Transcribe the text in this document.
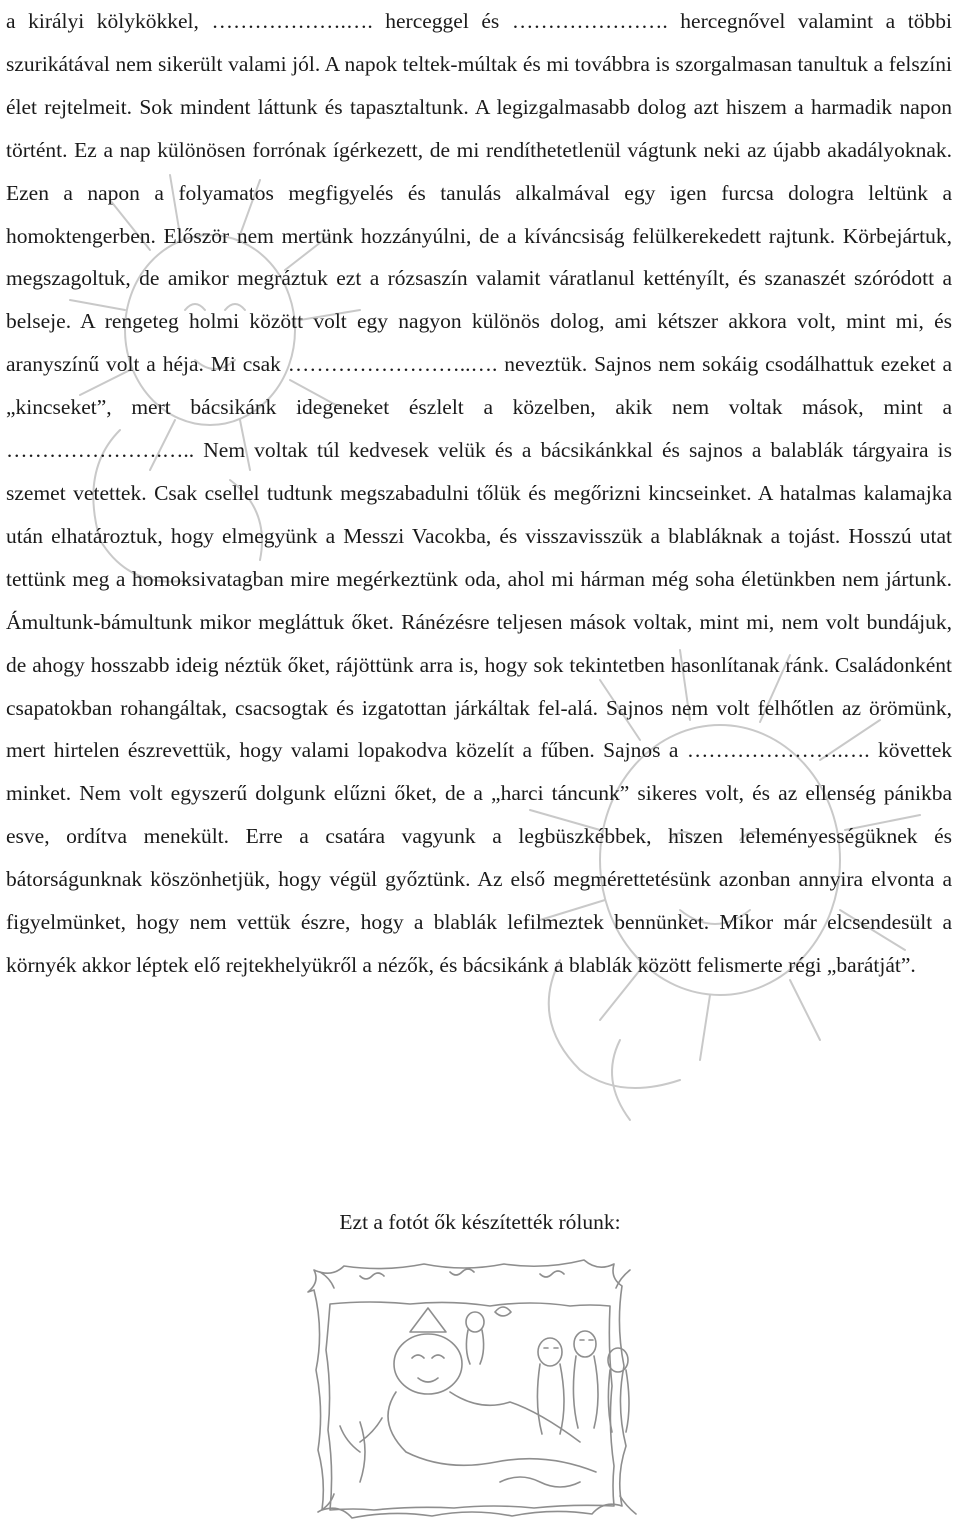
a királyi kölykökkel, ……………….…. herceggel és …………………. hercegnővel valamint a többi szurikátával nem sikerült valami jól. A napok teltek-múltak és mi továbbra is szorgalmasan tanultuk a felszíni élet rejtelmeit. Sok mindent láttunk és tapasztaltunk. A legizgalmasabb dolog azt hiszem a harmadik napon történt. Ez a nap különösen forrónak ígérkezett, de mi rendíthetetlenül vágtunk neki az újabb akadályoknak. Ezen a napon a folyamatos megfigyelés és tanulás alkalmával egy igen furcsa dologra leltünk a homoktengerben. Először nem mertünk hozzányúlni, de a kíváncsiság felülkerekedett rajtunk. Körbejártuk, megszagoltuk, de amikor megráztuk ezt a rózsaszín valamit váratlanul kettényílt, és szanaszét szóródott a belseje. A rengeteg holmi között volt egy nagyon különös dolog, ami kétszer akkora volt, mint mi, és aranyszínű volt a héja. Mi csak ……………………..…. neveztük. Sajnos nem sokáig csodálhattuk ezeket a „kincseket”, mert bácsikánk idegeneket észlelt a közelben, akik nem voltak mások, mint a ………………….….. Nem voltak túl kedvesek velük és a bácsikánkkal és sajnos a balablák tárgyaira is szemet vetettek. Csak csellel tudtunk megszabadulni tőlük és megőrizni kincseinket. A hatalmas kalamajka után elhatároztuk, hogy elmegyünk a Messzi Vacokba, és visszavisszük a blabláknak a tojást. Hosszú utat tettünk meg a homoksivatagban mire megérkeztünk oda, ahol mi hárman még soha életünkben nem jártunk. Ámultunk-bámultunk mikor megláttuk őket. Ránézésre teljesen mások voltak, mint mi, nem volt bundájuk, de ahogy hosszabb ideig néztük őket, rájöttünk arra is, hogy sok tekintetben hasonlítanak ránk. Családonként csapatokban rohangáltak, csacsogtak és izgatottan járkáltak fel-alá. Sajnos nem volt felhőtlen az örömünk, mert hirtelen észrevettük, hogy valami lopakodva közelít a fűben. Sajnos a ………………….…. követtek minket. Nem volt egyszerű dolgunk elűzni őket, de a „harci táncunk” sikeres volt, és az ellenség pánikba esve, ordítva menekült. Erre a csatára vagyunk a legbüszkébbek, hiszen leleményességüknek és bátorságunknak köszönhetjük, hogy végül győztünk. Az első megmérettetésünk azonban annyira elvonta a figyelmünket, hogy nem vettük észre, hogy a blablák lefilmeztek bennünket. Mikor már elcsendesült a környék akkor léptek elő rejtekhelyükről a nézők, és bácsikánk a blablák között felismerte régi „barátját”.

Ezt a fotót ők készítették rólunk:
